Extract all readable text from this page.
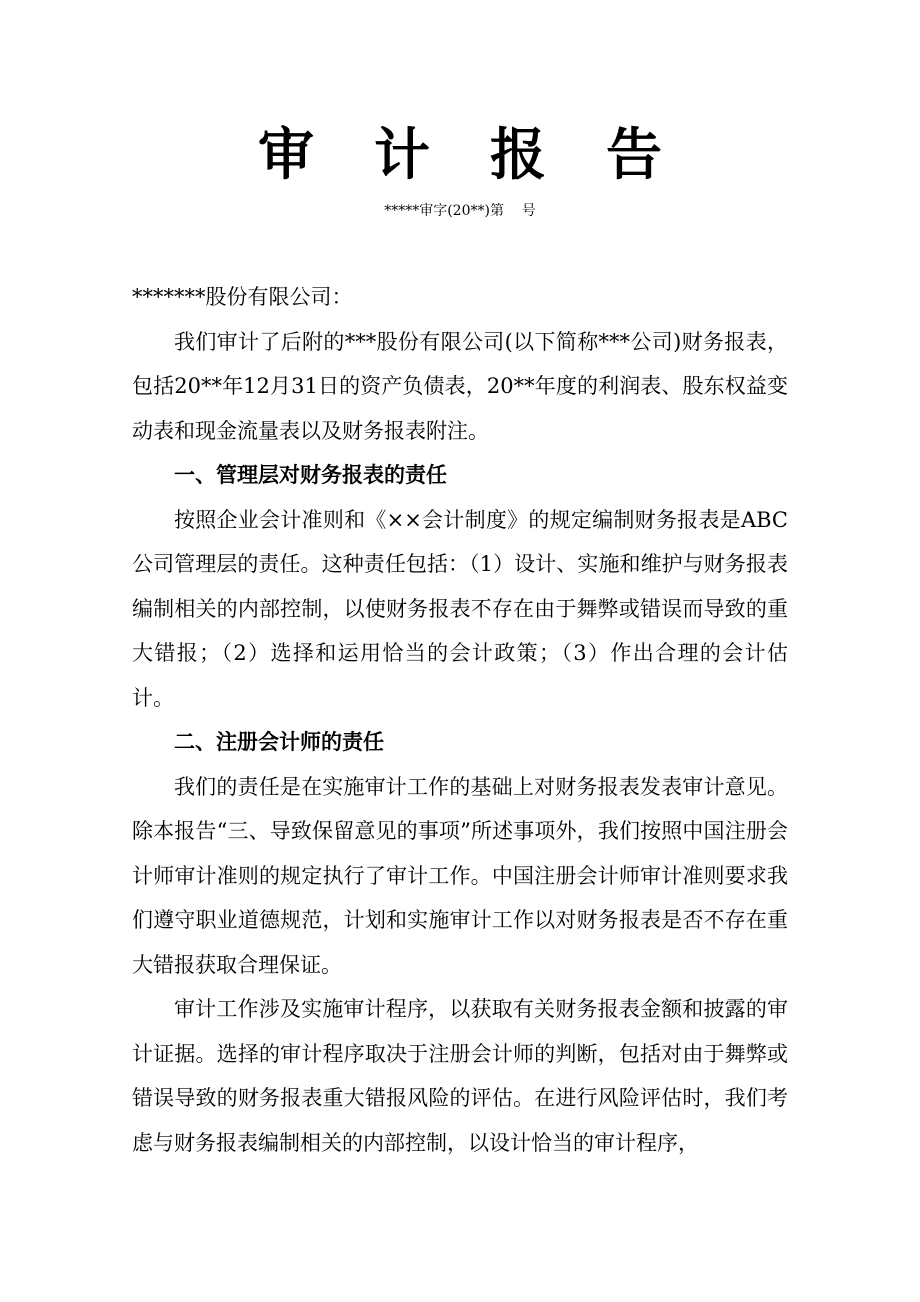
审计报告
*****审字(20**)第    号

*******股份有限公司：

我们审计了后附的***股份有限公司(以下简称***公司)财务报表，包括20**年12月31日的资产负债表，20**年度的利润表、股东权益变动表和现金流量表以及财务报表附注。

一、管理层对财务报表的责任

按照企业会计准则和《××会计制度》的规定编制财务报表是ABC公司管理层的责任。这种责任包括：（1）设计、实施和维护与财务报表编制相关的内部控制，以使财务报表不存在由于舞弊或错误而导致的重大错报；（2）选择和运用恰当的会计政策；（3）作出合理的会计估计。

二、注册会计师的责任

我们的责任是在实施审计工作的基础上对财务报表发表审计意见。除本报告“三、导致保留意见的事项”所述事项外，我们按照中国注册会计师审计准则的规定执行了审计工作。中国注册会计师审计准则要求我们遵守职业道德规范，计划和实施审计工作以对财务报表是否不存在重大错报获取合理保证。

审计工作涉及实施审计程序，以获取有关财务报表金额和披露的审计证据。选择的审计程序取决于注册会计师的判断，包括对由于舞弊或错误导致的财务报表重大错报风险的评估。在进行风险评估时，我们考虑与财务报表编制相关的内部控制，以设计恰当的审计程序，
